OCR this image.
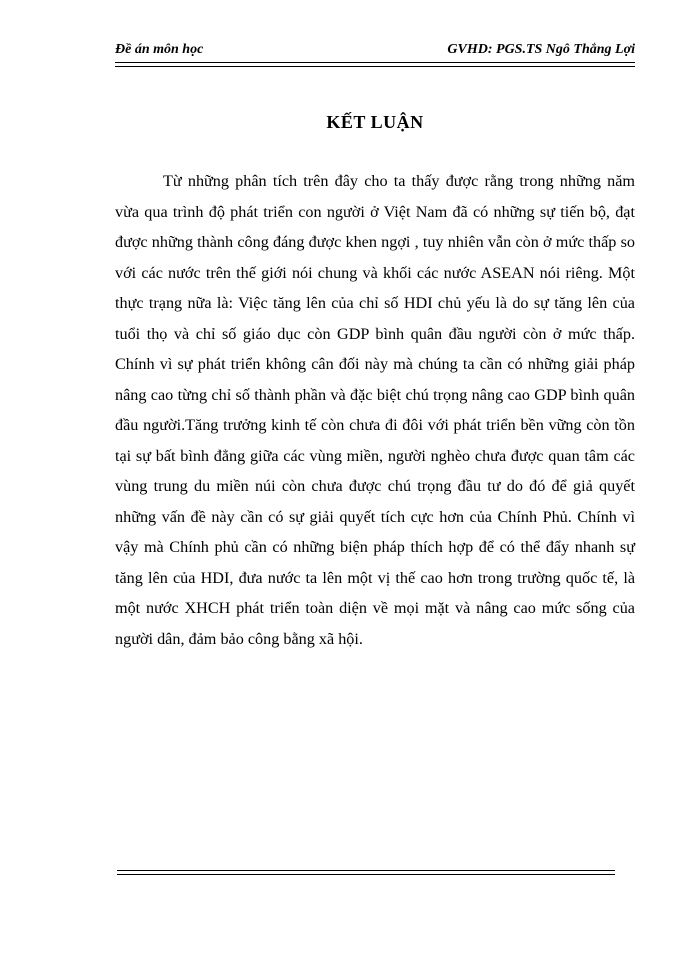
Đề án môn học	GVHD: PGS.TS Ngô Thắng Lợi
KẾT LUẬN

Từ những phân tích trên đây cho ta thấy được rằng trong những năm vừa qua trình độ phát triển con người ở Việt Nam đã có những sự tiến bộ, đạt được những thành công đáng được khen ngợi , tuy nhiên vẫn còn ở mức thấp so với các nước trên thế giới nói chung và khối các nước ASEAN nói riêng. Một thực trạng nữa là: Việc tăng lên của chỉ số HDI chủ yếu là do sự tăng lên của tuổi thọ và chỉ số giáo dục còn GDP bình quân đầu người còn ở mức thấp. Chính vì sự phát triển không cân đối này mà chúng ta cần có những giải pháp nâng cao từng chỉ số thành phần và đặc biệt chú trọng nâng cao GDP bình quân đầu người.Tăng trưởng kinh tế còn chưa đi đôi với phát triển bền vững còn tồn tại sự bất bình đẳng giữa các vùng miền, người nghèo chưa được quan tâm các vùng trung du miền núi còn chưa được chú trọng đầu tư do đó để giả quyết những vấn đề này cần có sự giải quyết tích cực hơn của Chính Phủ. Chính vì vậy mà Chính phủ cần có những biện pháp thích hợp để có thể đẩy nhanh sự tăng lên của HDI, đưa nước ta lên một vị thế cao hơn trong trường quốc tế, là một nước XHCH phát triển toàn diện về mọi mặt và nâng cao mức sống của người dân, đảm bảo công bằng xã hội.
